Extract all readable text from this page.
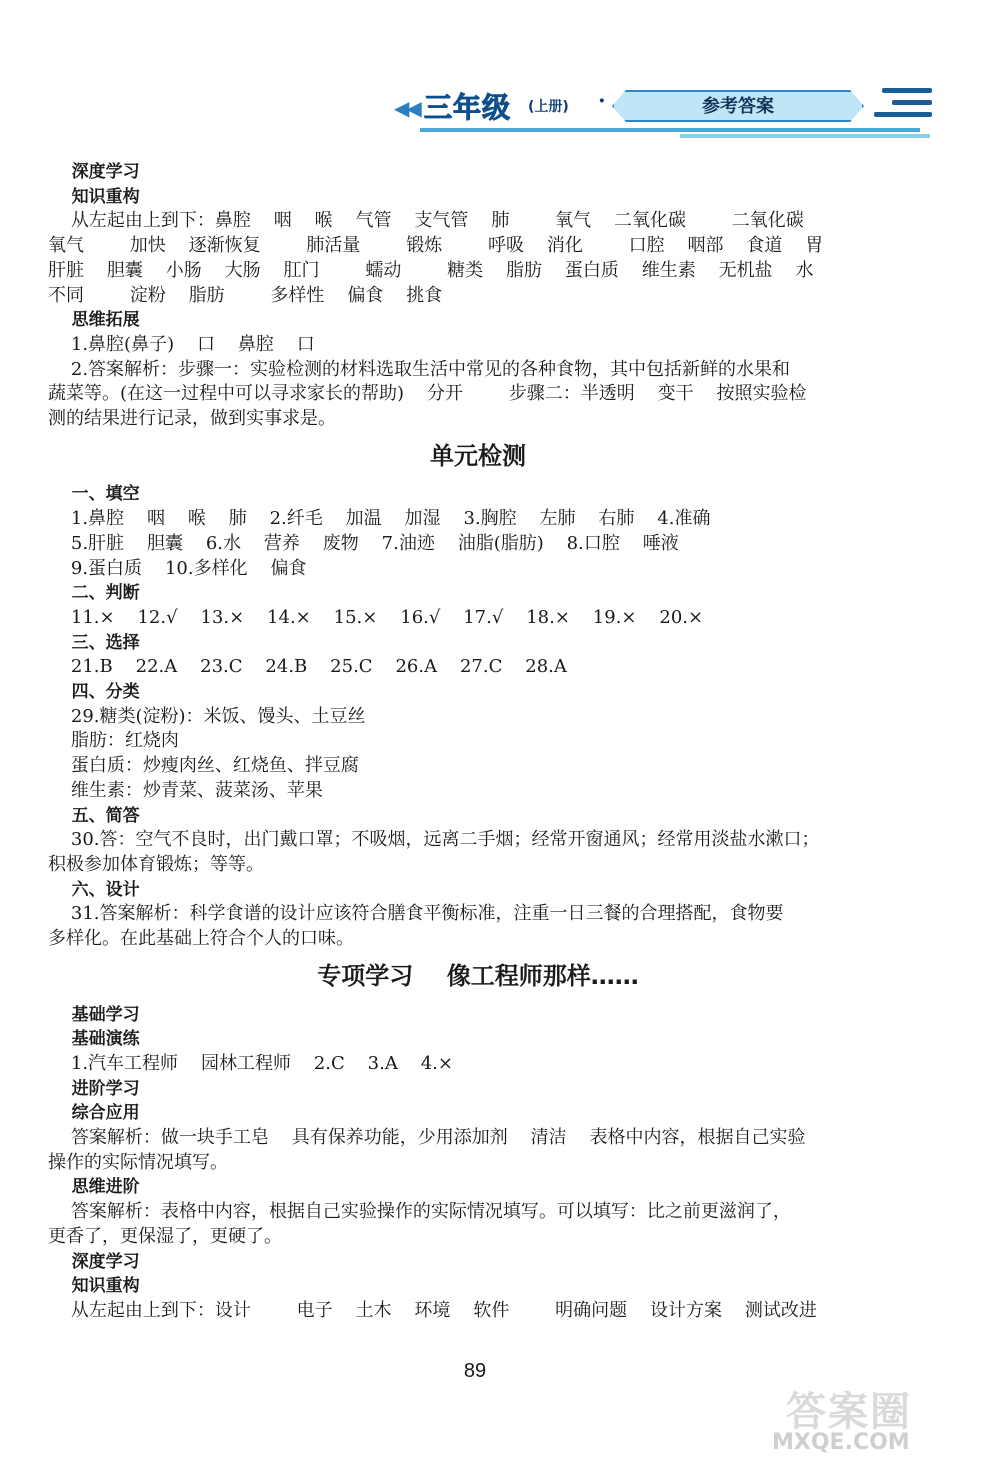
◀◀ 三年级 (上册) ·	参考答案
深度学习
知识重构
从左起由上到下：鼻腔    咽    喉    气管    支气管    肺        氧气    二氧化碳        二氧化碳
氧气        加快    逐渐恢复        肺活量        锻炼        呼吸    消化        口腔    咽部    食道    胃
肝脏    胆囊    小肠    大肠    肛门        蠕动        糖类    脂肪    蛋白质    维生素    无机盐    水
不同        淀粉    脂肪        多样性    偏食    挑食
思维拓展
1.鼻腔(鼻子)    口    鼻腔    口
2.答案解析：步骤一：实验检测的材料选取生活中常见的各种食物，其中包括新鲜的水果和
蔬菜等。(在这一过程中可以寻求家长的帮助)    分开        步骤二：半透明    变干    按照实验检
测的结果进行记录，做到实事求是。
单元检测
一、填空
1.鼻腔    咽    喉    肺    2.纤毛    加温    加湿    3.胸腔    左肺    右肺    4.准确
5.肝脏    胆囊    6.水    营养    废物    7.油迹    油脂(脂肪)    8.口腔    唾液
9.蛋白质    10.多样化    偏食
二、判断
11.×    12.√    13.×    14.×    15.×    16.√    17.√    18.×    19.×    20.×
三、选择
21.B    22.A    23.C    24.B    25.C    26.A    27.C    28.A
四、分类
29.糖类(淀粉)：米饭、馒头、土豆丝
脂肪：红烧肉
蛋白质：炒瘦肉丝、红烧鱼、拌豆腐
维生素：炒青菜、菠菜汤、苹果
五、简答
30.答：空气不良时，出门戴口罩；不吸烟，远离二手烟；经常开窗通风；经常用淡盐水漱口；
积极参加体育锻炼；等等。
六、设计
31.答案解析：科学食谱的设计应该符合膳食平衡标准，注重一日三餐的合理搭配，食物要
多样化。在此基础上符合个人的口味。
专项学习    像工程师那样……
基础学习
基础演练
1.汽车工程师    园林工程师    2.C    3.A    4.×
进阶学习
综合应用
答案解析：做一块手工皂    具有保养功能，少用添加剂    清洁    表格中内容，根据自己实验
操作的实际情况填写。
思维进阶
答案解析：表格中内容，根据自己实验操作的实际情况填写。可以填写：比之前更滋润了，
更香了，更保湿了，更硬了。
深度学习
知识重构
从左起由上到下：设计        电子    土木    环境    软件        明确问题    设计方案    测试改进
89
答案圈
MXQE.COM
